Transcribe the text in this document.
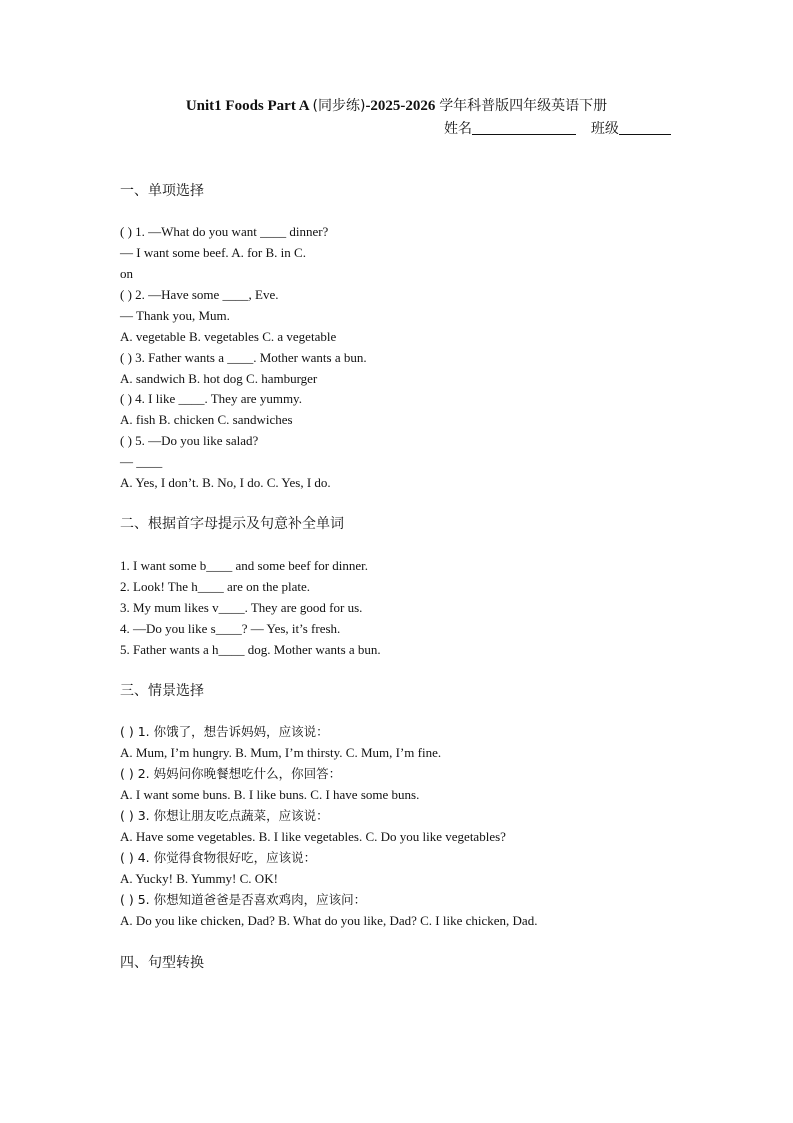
Unit1 Foods Part A (同步练)-2025-2026 学年科普版四年级英语下册
姓名	班级
一、单项选择
( ) 1. —What do you want ____ dinner?
— I want some beef. A. for B. in C.
on
( ) 2. —Have some ____, Eve.
— Thank you, Mum.
A. vegetable B. vegetables C. a vegetable
( ) 3. Father wants a ____. Mother wants a bun.
A. sandwich B. hot dog C. hamburger
( ) 4. I like ____. They are yummy.
A. fish B. chicken C. sandwiches
( ) 5. —Do you like salad?
— ____
A. Yes, I don’t. B. No, I do. C. Yes, I do.
二、根据首字母提示及句意补全单词
1. I want some b____ and some beef for dinner.
2. Look! The h____ are on the plate.
3. My mum likes v____. They are good for us.
4. —Do you like s____? — Yes, it’s fresh.
5. Father wants a h____ dog. Mother wants a bun.
三、情景选择
( ) 1. 你饿了，想告诉妈妈，应该说：
A. Mum, I’m hungry. B. Mum, I’m thirsty. C. Mum, I’m fine.
( ) 2. 妈妈问你晚餐想吃什么，你回答：
A. I want some buns. B. I like buns. C. I have some buns.
( ) 3. 你想让朋友吃点蔬菜，应该说：
A. Have some vegetables. B. I like vegetables. C. Do you like vegetables?
( ) 4. 你觉得食物很好吃，应该说：
A. Yucky! B. Yummy! C. OK!
( ) 5. 你想知道爸爸是否喜欢鸡肉，应该问：
A. Do you like chicken, Dad? B. What do you like, Dad? C. I like chicken, Dad.
四、句型转换
